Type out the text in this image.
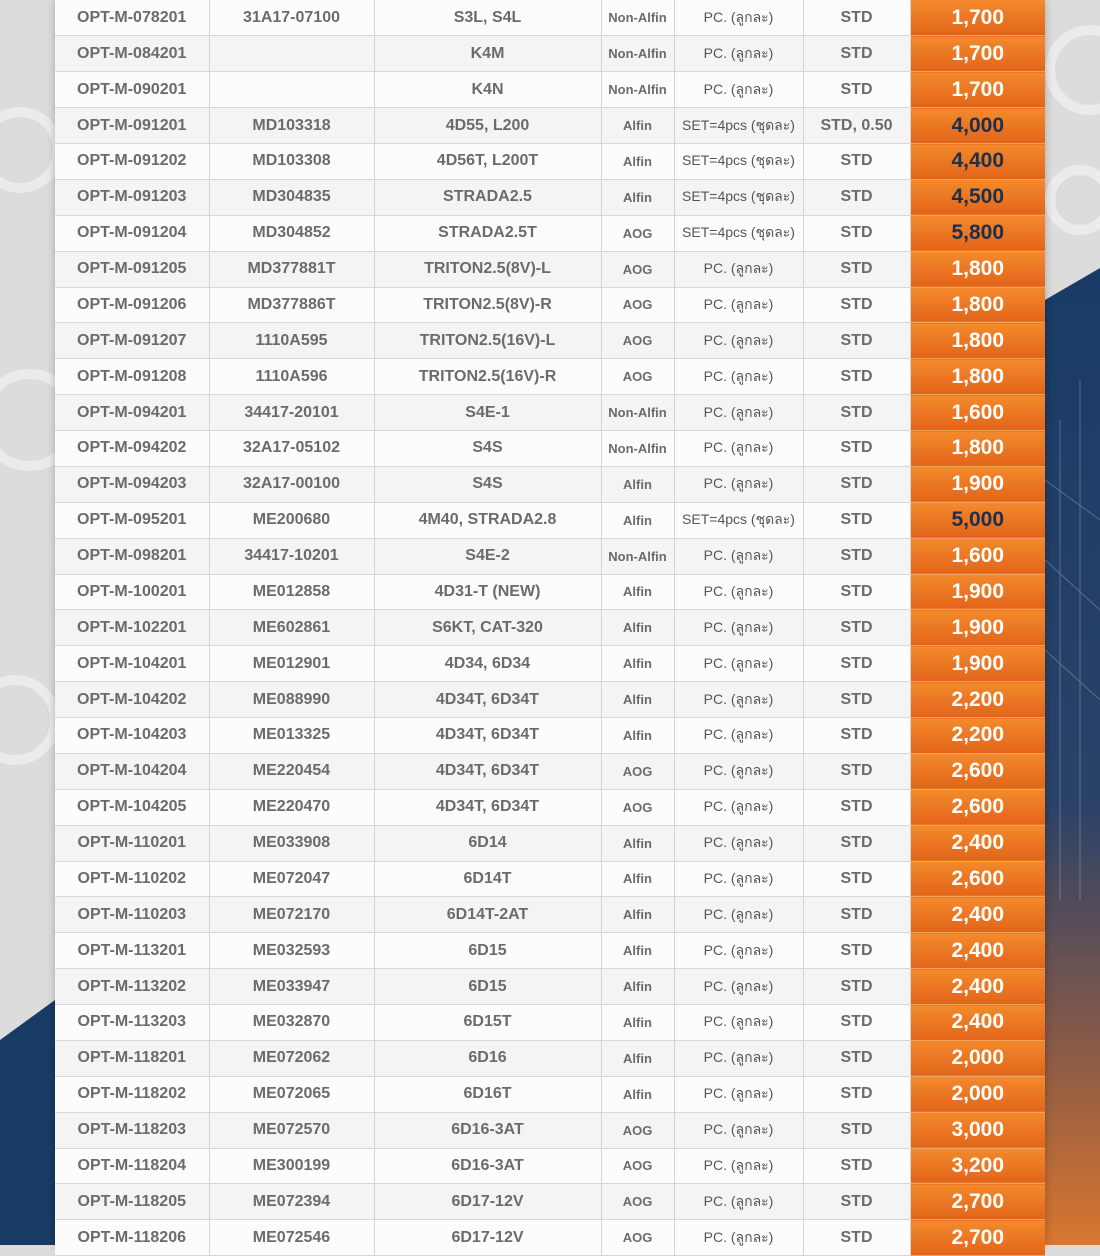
OPT-M-078201	31A17-07100	S3L, S4L	Non-Alfin	PC. (ลูกละ)	STD	1,700
OPT-M-084201		K4M	Non-Alfin	PC. (ลูกละ)	STD	1,700
OPT-M-090201		K4N	Non-Alfin	PC. (ลูกละ)	STD	1,700
OPT-M-091201	MD103318	4D55, L200	Alfin	SET=4pcs (ชุดละ)	STD, 0.50	4,000
OPT-M-091202	MD103308	4D56T, L200T	Alfin	SET=4pcs (ชุดละ)	STD	4,400
OPT-M-091203	MD304835	STRADA2.5	Alfin	SET=4pcs (ชุดละ)	STD	4,500
OPT-M-091204	MD304852	STRADA2.5T	AOG	SET=4pcs (ชุดละ)	STD	5,800
OPT-M-091205	MD377881T	TRITON2.5(8V)-L	AOG	PC. (ลูกละ)	STD	1,800
OPT-M-091206	MD377886T	TRITON2.5(8V)-R	AOG	PC. (ลูกละ)	STD	1,800
OPT-M-091207	1110A595	TRITON2.5(16V)-L	AOG	PC. (ลูกละ)	STD	1,800
OPT-M-091208	1110A596	TRITON2.5(16V)-R	AOG	PC. (ลูกละ)	STD	1,800
OPT-M-094201	34417-20101	S4E-1	Non-Alfin	PC. (ลูกละ)	STD	1,600
OPT-M-094202	32A17-05102	S4S	Non-Alfin	PC. (ลูกละ)	STD	1,800
OPT-M-094203	32A17-00100	S4S	Alfin	PC. (ลูกละ)	STD	1,900
OPT-M-095201	ME200680	4M40, STRADA2.8	Alfin	SET=4pcs (ชุดละ)	STD	5,000
OPT-M-098201	34417-10201	S4E-2	Non-Alfin	PC. (ลูกละ)	STD	1,600
OPT-M-100201	ME012858	4D31-T (NEW)	Alfin	PC. (ลูกละ)	STD	1,900
OPT-M-102201	ME602861	S6KT, CAT-320	Alfin	PC. (ลูกละ)	STD	1,900
OPT-M-104201	ME012901	4D34, 6D34	Alfin	PC. (ลูกละ)	STD	1,900
OPT-M-104202	ME088990	4D34T, 6D34T	Alfin	PC. (ลูกละ)	STD	2,200
OPT-M-104203	ME013325	4D34T, 6D34T	Alfin	PC. (ลูกละ)	STD	2,200
OPT-M-104204	ME220454	4D34T, 6D34T	AOG	PC. (ลูกละ)	STD	2,600
OPT-M-104205	ME220470	4D34T, 6D34T	AOG	PC. (ลูกละ)	STD	2,600
OPT-M-110201	ME033908	6D14	Alfin	PC. (ลูกละ)	STD	2,400
OPT-M-110202	ME072047	6D14T	Alfin	PC. (ลูกละ)	STD	2,600
OPT-M-110203	ME072170	6D14T-2AT	Alfin	PC. (ลูกละ)	STD	2,400
OPT-M-113201	ME032593	6D15	Alfin	PC. (ลูกละ)	STD	2,400
OPT-M-113202	ME033947	6D15	Alfin	PC. (ลูกละ)	STD	2,400
OPT-M-113203	ME032870	6D15T	Alfin	PC. (ลูกละ)	STD	2,400
OPT-M-118201	ME072062	6D16	Alfin	PC. (ลูกละ)	STD	2,000
OPT-M-118202	ME072065	6D16T	Alfin	PC. (ลูกละ)	STD	2,000
OPT-M-118203	ME072570	6D16-3AT	AOG	PC. (ลูกละ)	STD	3,000
OPT-M-118204	ME300199	6D16-3AT	AOG	PC. (ลูกละ)	STD	3,200
OPT-M-118205	ME072394	6D17-12V	AOG	PC. (ลูกละ)	STD	2,700
OPT-M-118206	ME072546	6D17-12V	AOG	PC. (ลูกละ)	STD	2,700
